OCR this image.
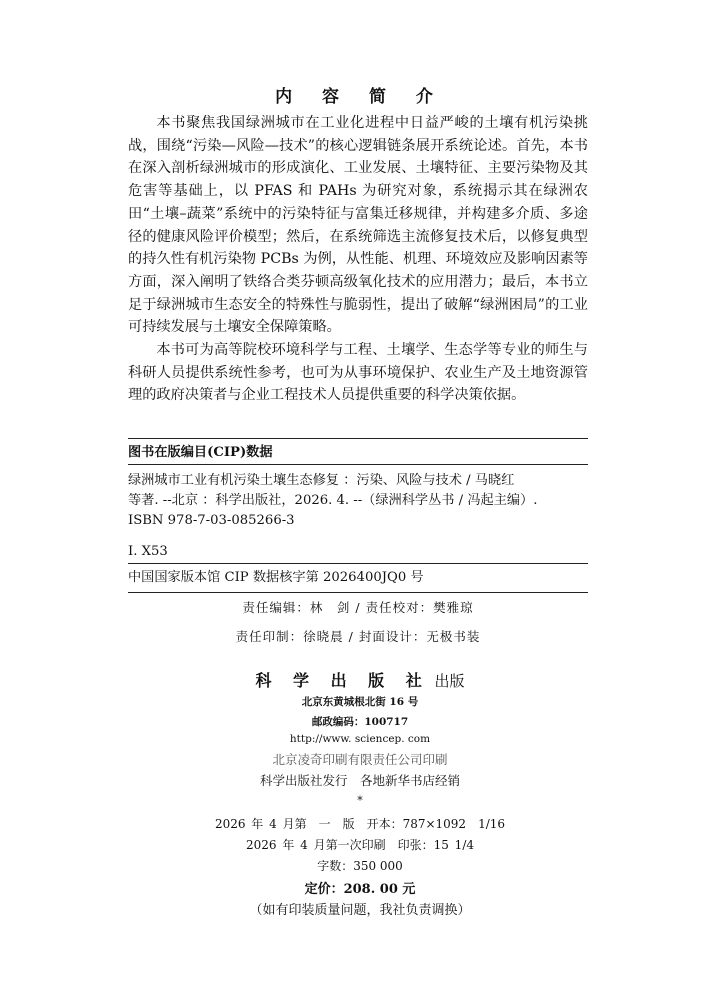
内 容 简 介

本书聚焦我国绿洲城市在工业化进程中日益严峻的土壤有机污染挑战，围绕“污染—风险—技术”的核心逻辑链条展开系统论述。首先，本书在深入剖析绿洲城市的形成演化、工业发展、土壤特征、主要污染物及其危害等基础上，以 PFAS 和 PAHs 为研究对象，系统揭示其在绿洲农田“土壤–蔬菜”系统中的污染特征与富集迁移规律，并构建多介质、多途径的健康风险评价模型；然后，在系统筛选主流修复技术后，以修复典型的持久性有机污染物 PCBs 为例，从性能、机理、环境效应及影响因素等方面，深入阐明了铁络合类芬顿高级氧化技术的应用潜力；最后，本书立足于绿洲城市生态安全的特殊性与脆弱性，提出了破解“绿洲困局”的工业可持续发展与土壤安全保障策略。

本书可为高等院校环境科学与工程、土壤学、生态学等专业的师生与科研人员提供系统性参考，也可为从事环境保护、农业生产及土地资源管理的政府决策者与企业工程技术人员提供重要的科学决策依据。

图书在版编目(CIP)数据
绿洲城市工业有机污染土壤生态修复 ：污染、风险与技术 / 马晓红
等著. --北京 ：科学出版社，2026. 4. --（绿洲科学丛书 / 冯起主编）.
ISBN 978-7-03-085266-3
Ⅰ. X53
中国国家版本馆 CIP 数据核字第 2026400JQ0 号
责任编辑：林　剑 / 责任校对：樊雅琼
责任印制：徐晓晨 / 封面设计：无极书装
科 学 出 版 社 出版
北京东黄城根北街 16 号
邮政编码：100717
http://www. sciencep. com
北京凌奇印刷有限责任公司印刷
科学出版社发行　各地新华书店经销
*
2026 年 4 月第　一　版　开本：787×1092　1/16
2026 年 4 月第一次印刷　印张：15 1/4
字数：350 000
定价：208. 00 元
（如有印装质量问题，我社负责调换）
